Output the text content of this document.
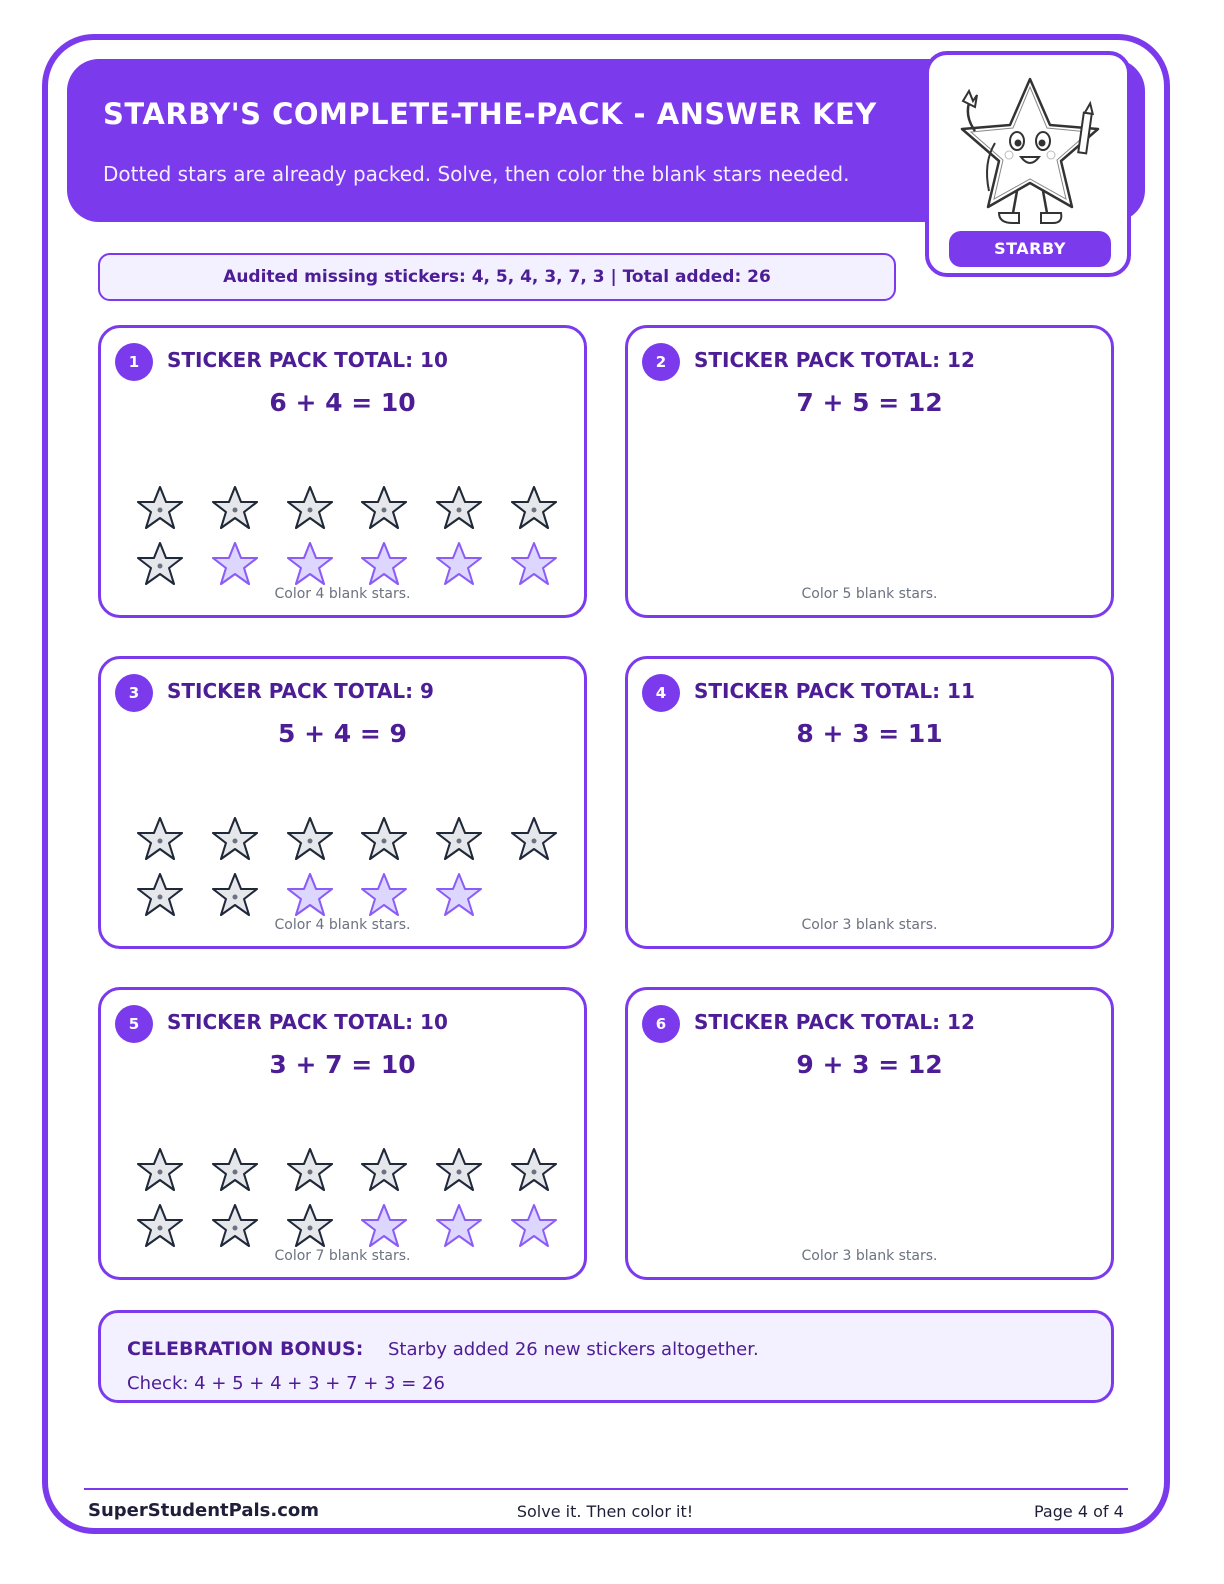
STARBY'S COMPLETE-THE-PACK - ANSWER KEY
Dotted stars are already packed. Solve, then color the blank stars needed.
STARBY
Audited missing stickers: 4, 5, 4, 3, 7, 3 | Total added: 26
1	STICKER PACK TOTAL: 10
6 + 4 = 10
Color 4 blank stars.
2	STICKER PACK TOTAL: 12
7 + 5 = 12
Color 5 blank stars.
3	STICKER PACK TOTAL: 9
5 + 4 = 9
Color 4 blank stars.
4	STICKER PACK TOTAL: 11
8 + 3 = 11
Color 3 blank stars.
5	STICKER PACK TOTAL: 10
3 + 7 = 10
Color 7 blank stars.
6	STICKER PACK TOTAL: 12
9 + 3 = 12
Color 3 blank stars.
CELEBRATION BONUS: Starby added 26 new stickers altogether.
Check: 4 + 5 + 4 + 3 + 7 + 3 = 26
SuperStudentPals.com	Solve it. Then color it!	Page 4 of 4
